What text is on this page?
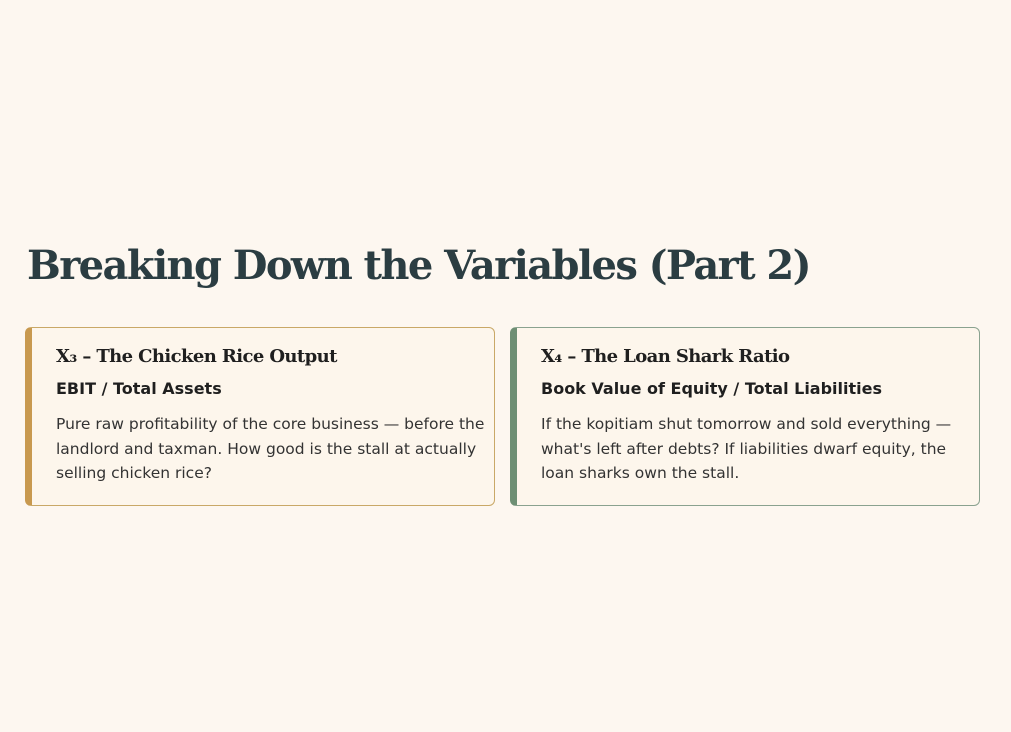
Breaking Down the Variables (Part 2)
X₃ – The Chicken Rice Output
EBIT / Total Assets

Pure raw profitability of the core business — before the landlord and taxman. How good is the stall at actually selling chicken rice?

X₄ – The Loan Shark Ratio
Book Value of Equity / Total Liabilities

If the kopitiam shut tomorrow and sold everything — what's left after debts? If liabilities dwarf equity, the loan sharks own the stall.
